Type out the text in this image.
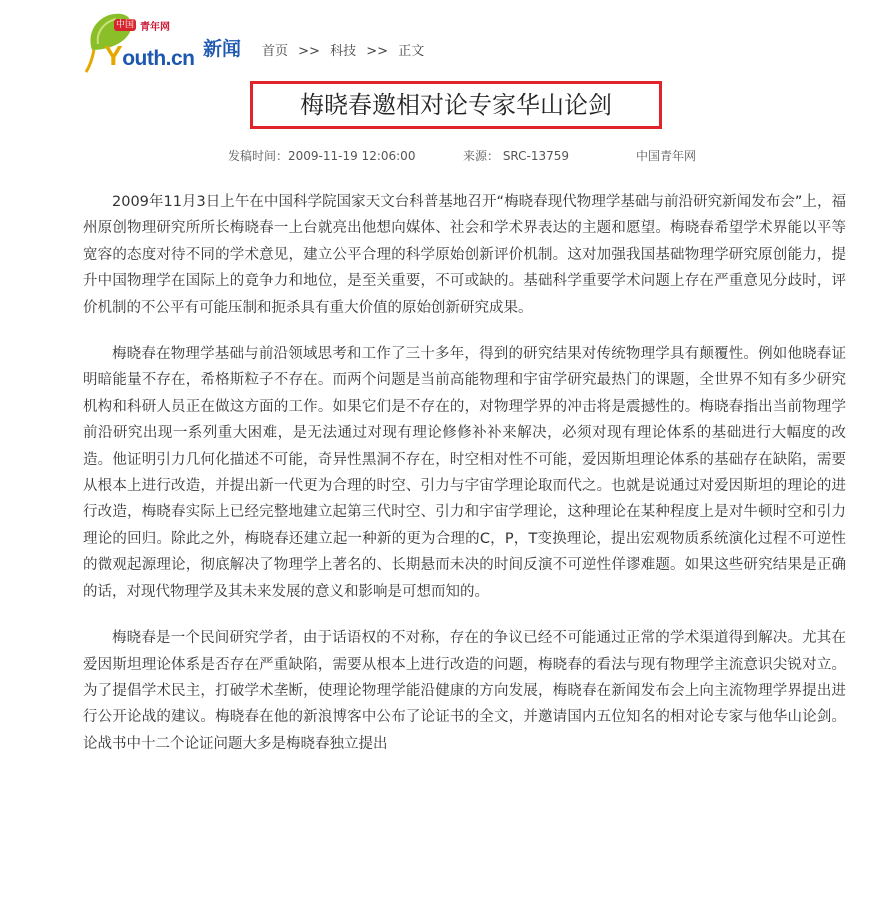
中国 青年网
Youth.cn 新闻 首页 >> 科技 >> 正文
梅晓春邀相对论专家华山论剑
发稿时间：2009-11-19 12:06:00	来源： SRC-13759	中国青年网

2009年11月3日上午在中国科学院国家天文台科普基地召开“梅晓春现代物理学基础与前沿研究新闻发布会”上，福州原创物理研究所所长梅晓春一上台就亮出他想向媒体、社会和学术界表达的主题和愿望。梅晓春希望学术界能以平等宽容的态度对待不同的学术意见，建立公平合理的科学原始创新评价机制。这对加强我国基础物理学研究原创能力，提升中国物理学在国际上的竟争力和地位，是至关重要，不可或缺的。基础科学重要学术问题上存在严重意见分歧时，评价机制的不公平有可能压制和扼杀具有重大价值的原始创新研究成果。

梅晓春在物理学基础与前沿领域思考和工作了三十多年，得到的研究结果对传统物理学具有颠覆性。例如他晓春证明暗能量不存在，希格斯粒子不存在。而两个问题是当前高能物理和宇宙学研究最热门的课题，全世界不知有多少研究机构和科研人员正在做这方面的工作。如果它们是不存在的，对物理学界的冲击将是震撼性的。梅晓春指出当前物理学前沿研究出现一系列重大困难，是无法通过对现有理论修修补补来解决，必须对现有理论体系的基础进行大幅度的改造。他证明引力几何化描述不可能，奇异性黑洞不存在，时空相对性不可能，爱因斯坦理论体系的基础存在缺陷，需要从根本上进行改造，并提出新一代更为合理的时空、引力与宇宙学理论取而代之。也就是说通过对爱因斯坦的理论的进行改造，梅晓春实际上已经完整地建立起第三代时空、引力和宇宙学理论，这种理论在某种程度上是对牛顿时空和引力理论的回归。除此之外，梅晓春还建立起一种新的更为合理的C，P，T变换理论，提出宏观物质系统演化过程不可逆性的微观起源理论，彻底解决了物理学上著名的、长期悬而未决的时间反演不可逆性佯谬难题。如果这些研究结果是正确的话，对现代物理学及其未来发展的意义和影响是可想而知的。

梅晓春是一个民间研究学者，由于话语权的不对称，存在的争议已经不可能通过正常的学术渠道得到解决。尤其在爱因斯坦理论体系是否存在严重缺陷，需要从根本上进行改造的问题，梅晓春的看法与现有物理学主流意识尖锐对立。为了提倡学术民主，打破学术垄断，使理论物理学能沿健康的方向发展，梅晓春在新闻发布会上向主流物理学界提出进行公开论战的建议。梅晓春在他的新浪博客中公布了论证书的全文，并邀请国内五位知名的相对论专家与他华山论剑。论战书中十二个论证问题大多是梅晓春独立提出
